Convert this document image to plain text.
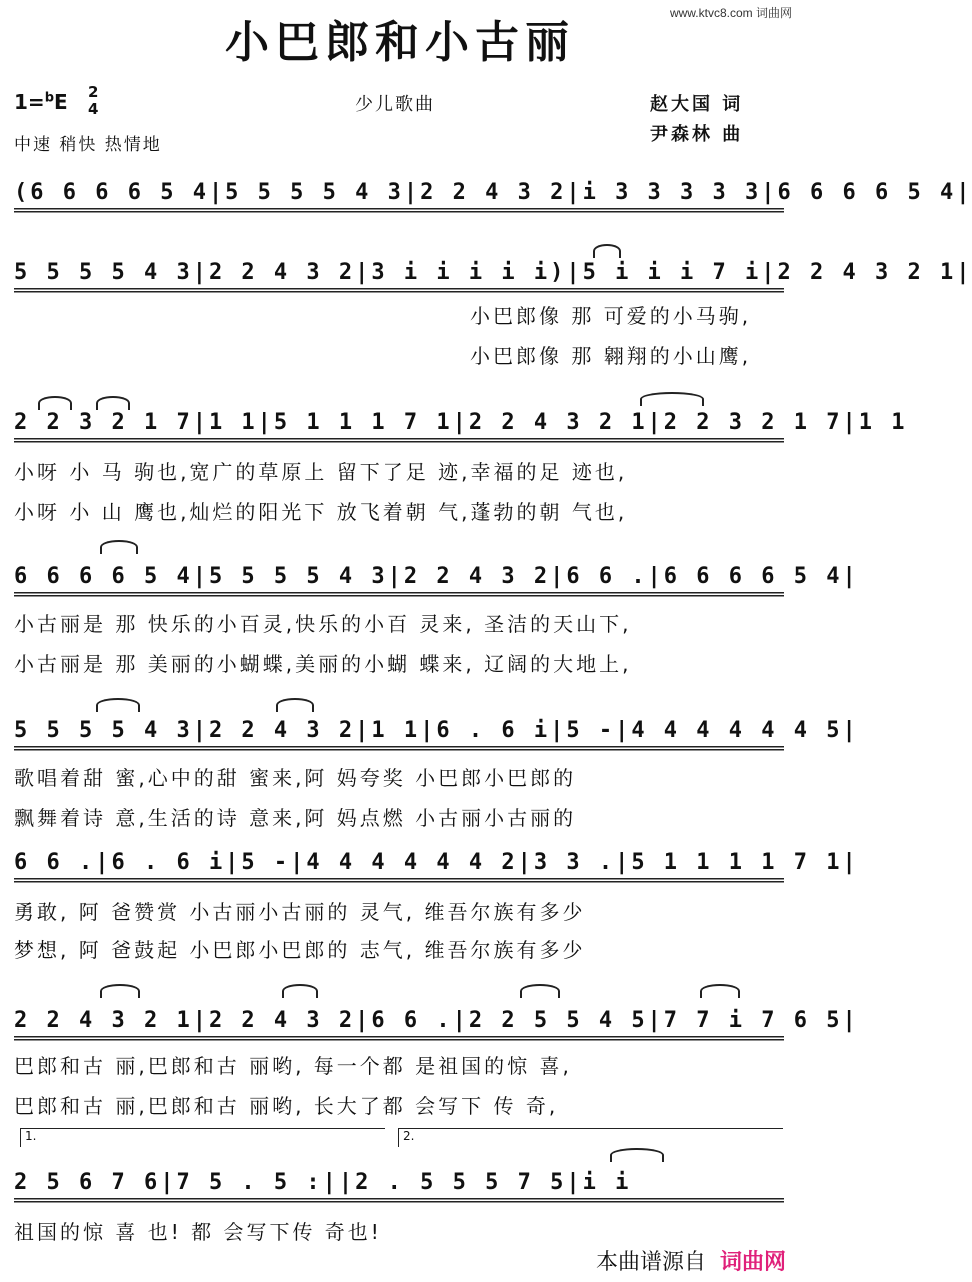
www.ktvc8.com 词曲网
小巴郎和小古丽
1=$^b$E 2
4
中速 稍快 热情地
少儿歌曲	赵大国 词
尹森林 曲
(6 6 6 6 5 4|5 5 5 5 4 3|2 2 4 3 2|i 3 3 3 3 3|6 6 6 6 5 4|
5 5 5 5 4 3|2 2 4 3 2|3 i i i i i)|5 i i i 7 i|2 2 4 3 2 1|
小巴郎像 那 可爱的小马驹,
小巴郎像 那 翱翔的小山鹰,
2 2 3 2 1 7|1 1|5 1 1 1 7 1|2 2 4 3 2 1|2 2 3 2 1 7|1 1
小呀 小 马 驹也,宽广的草原上 留下了足 迹,幸福的足 迹也,
小呀 小 山 鹰也,灿烂的阳光下 放飞着朝 气,蓬勃的朝 气也,
6 6 6 6 5 4|5 5 5 5 4 3|2 2 4 3 2|6 6 .|6 6 6 6 5 4|
小古丽是 那 快乐的小百灵,快乐的小百 灵来, 圣洁的天山下,
小古丽是 那 美丽的小蝴蝶,美丽的小蝴 蝶来, 辽阔的大地上,
5 5 5 5 4 3|2 2 4 3 2|1 1|6 . 6 i|5 -|4 4 4 4 4 4 5|
歌唱着甜 蜜,心中的甜 蜜来,阿 妈夸奖 小巴郎小巴郎的
飘舞着诗 意,生活的诗 意来,阿 妈点燃 小古丽小古丽的
6 6 .|6 . 6 i|5 -|4 4 4 4 4 4 2|3 3 .|5 1 1 1 1 7 1|
勇敢, 阿 爸赞赏 小古丽小古丽的 灵气, 维吾尔族有多少
梦想, 阿 爸鼓起 小巴郎小巴郎的 志气, 维吾尔族有多少
2 2 4 3 2 1|2 2 4 3 2|6 6 .|2 2 5 5 4 5|7 7 i 7 6 5|
巴郎和古 丽,巴郎和古 丽哟, 每一个都 是祖国的惊 喜,
巴郎和古 丽,巴郎和古 丽哟, 长大了都 会写下 传 奇,
1.	2.
2 5 6 7 6|7 5 . 5 :||2 . 5 5 5 7 5|i i
祖国的惊 喜 也! 都 会写下传 奇也!
本曲谱源自 词曲网
